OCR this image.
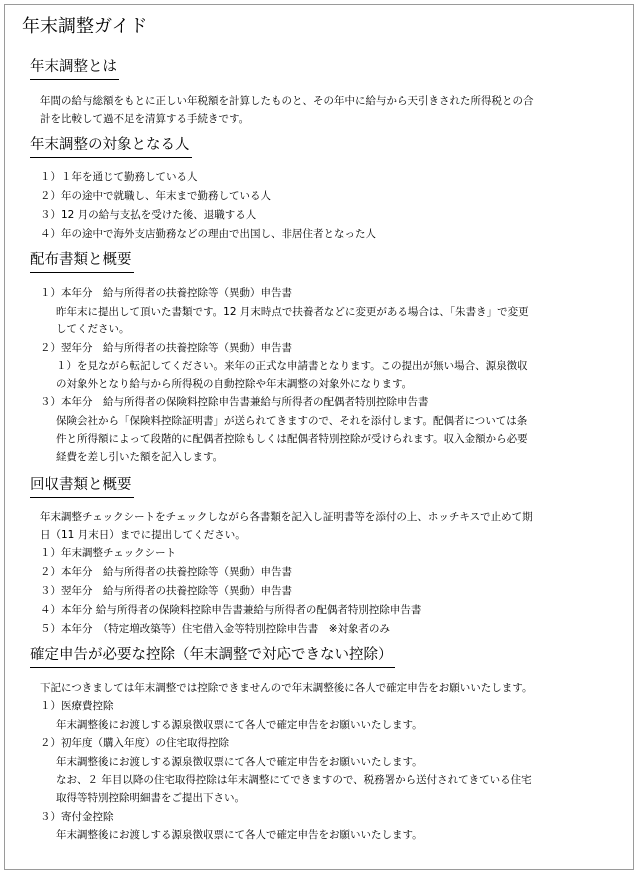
年末調整ガイド
年末調整とは
年間の給与総額をもとに正しい年税額を計算したものと、その年中に給与から天引きされた所得税との合
計を比較して過不足を清算する手続きです。
年末調整の対象となる人
１）１年を通じて勤務している人
２）年の途中で就職し、年末まで勤務している人
３）12 月の給与支払を受けた後、退職する人
４）年の途中で海外支店勤務などの理由で出国し、非居住者となった人
配布書類と概要
１）本年分　給与所得者の扶養控除等（異動）申告書
昨年末に提出して頂いた書類です。12 月末時点で扶養者などに変更がある場合は、「朱書き」で変更
してください。
２）翌年分　給与所得者の扶養控除等（異動）申告書
１）を見ながら転記してください。来年の正式な申請書となります。この提出が無い場合、源泉徴収
の対象外となり給与から所得税の自動控除や年末調整の対象外になります。
３）本年分　給与所得者の保険料控除申告書兼給与所得者の配偶者特別控除申告書
保険会社から「保険料控除証明書」が送られてきますので、それを添付します。配偶者については条
件と所得額によって段階的に配偶者控除もしくは配偶者特別控除が受けられます。収入金額から必要
経費を差し引いた額を記入します。
回収書類と概要
年末調整チェックシートをチェックしながら各書類を記入し証明書等を添付の上、ホッチキスで止めて期
日（11 月末日）までに提出してください。
１）年末調整チェックシート
２）本年分　給与所得者の扶養控除等（異動）申告書
３）翌年分　給与所得者の扶養控除等（異動）申告書
４）本年分 給与所得者の保険料控除申告書兼給与所得者の配偶者特別控除申告書
５）本年分　（特定増改築等）住宅借入金等特別控除申告書　※対象者のみ
確定申告が必要な控除（年末調整で対応できない控除）
下記につきましては年末調整では控除できませんので年末調整後に各人で確定申告をお願いいたします。
１）医療費控除
年末調整後にお渡しする源泉徴収票にて各人で確定申告をお願いいたします。
２）初年度（購入年度）の住宅取得控除
年末調整後にお渡しする源泉徴収票にて各人で確定申告をお願いいたします。
なお、２ 年目以降の住宅取得控除は年末調整にてできますので、税務署から送付されてきている住宅
取得等特別控除明細書をご提出下さい。
３）寄付金控除
年末調整後にお渡しする源泉徴収票にて各人で確定申告をお願いいたします。
